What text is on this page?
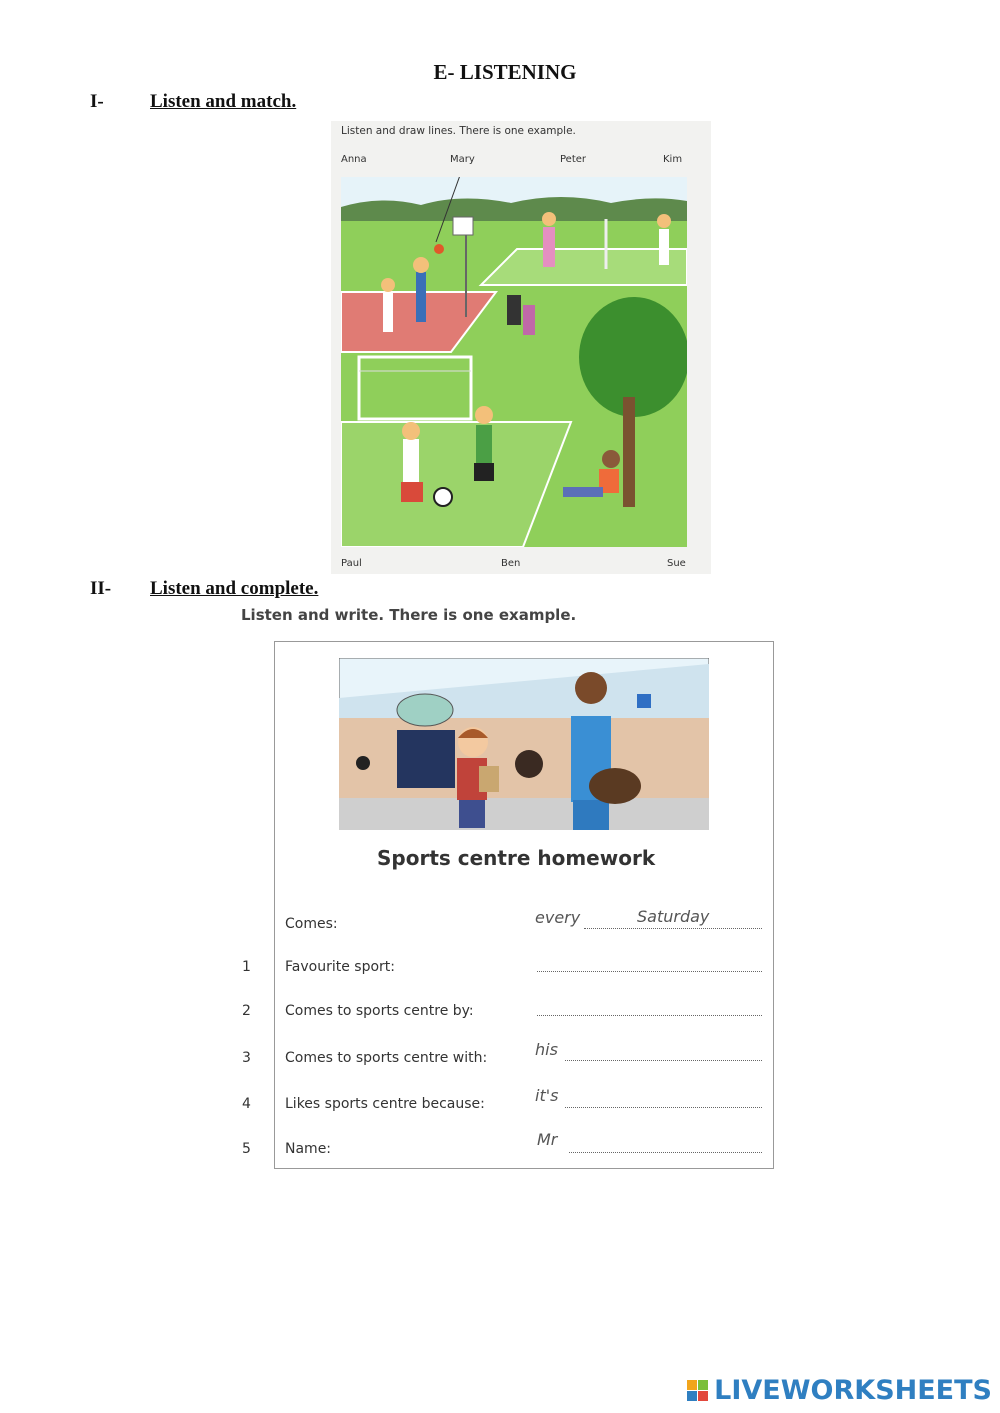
E- LISTENING
I- Listen and match.
Listen and draw lines. There is one example.
Anna	Mary	Peter	Kim
Paul	Ben	Sue
II- Listen and complete.
Listen and write. There is one example.
Sports centre homework
Comes:	every	Saturday
1 Favourite sport:
2 Comes to sports centre by:
3 Comes to sports centre with:	his
4 Likes sports centre because:	it's
5 Name:	Mr
LIVEWORKSHEETS
